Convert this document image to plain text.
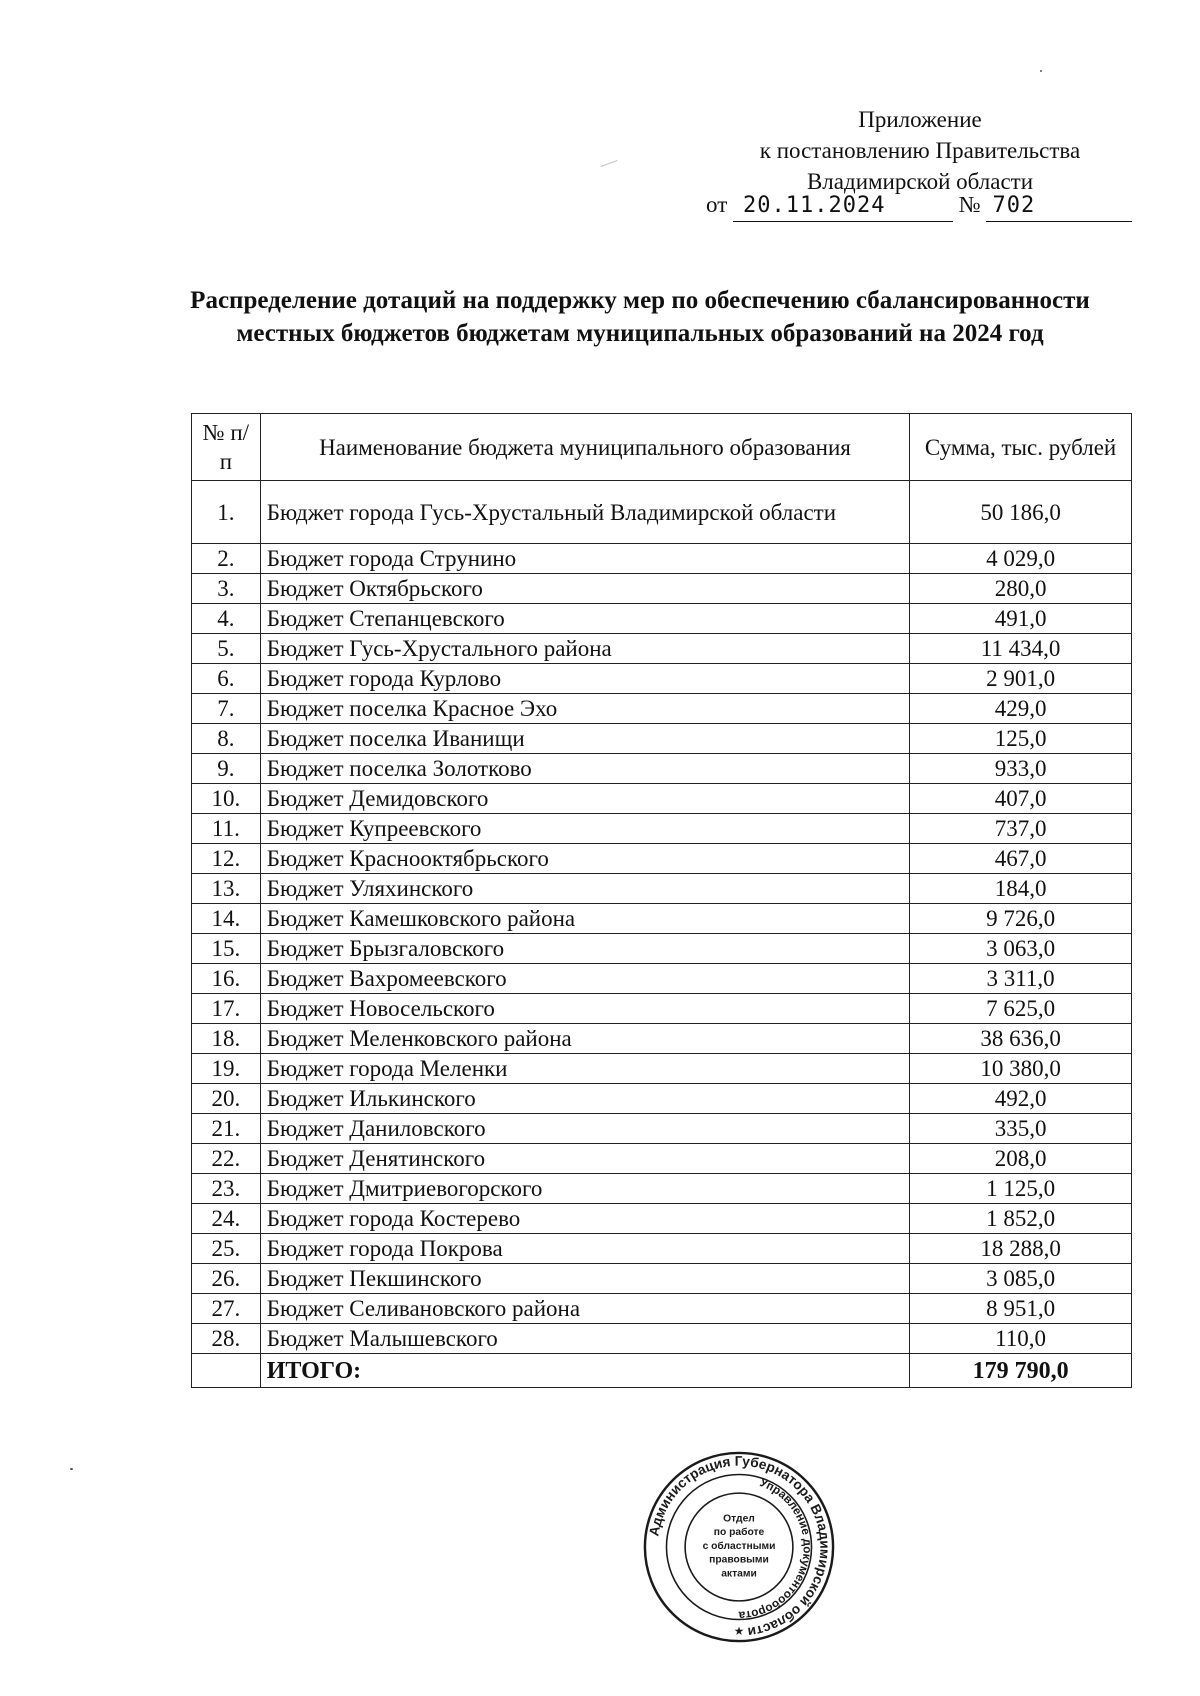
Приложение
к постановлению Правительства
Владимирской области
от 20.11.2024	№ 702
Распределение дотаций на поддержку мер по обеспечению сбалансированности местных бюджетов бюджетам муниципальных образований на 2024 год
№ п/п	Наименование бюджета муниципального образования	Сумма, тыс. рублей
1.	Бюджет города Гусь-Хрустальный Владимирской области	50 186,0
2.	Бюджет города Струнино	4 029,0
3.	Бюджет Октябрьского	280,0
4.	Бюджет Степанцевского	491,0
5.	Бюджет Гусь-Хрустального района	11 434,0
6.	Бюджет города Курлово	2 901,0
7.	Бюджет поселка Красное Эхо	429,0
8.	Бюджет поселка Иванищи	125,0
9.	Бюджет поселка Золотково	933,0
10.	Бюджет Демидовского	407,0
11.	Бюджет Купреевского	737,0
12.	Бюджет Краснооктябрьского	467,0
13.	Бюджет Уляхинского	184,0
14.	Бюджет Камешковского района	9 726,0
15.	Бюджет Брызгаловского	3 063,0
16.	Бюджет Вахромеевского	3 311,0
17.	Бюджет Новосельского	7 625,0
18.	Бюджет Меленковского района	38 636,0
19.	Бюджет города Меленки	10 380,0
20.	Бюджет Илькинского	492,0
21.	Бюджет Даниловского	335,0
22.	Бюджет Денятинского	208,0
23.	Бюджет Дмитриевогорского	1 125,0
24.	Бюджет города Костерево	1 852,0
25.	Бюджет города Покрова	18 288,0
26.	Бюджет Пекшинского	3 085,0
27.	Бюджет Селивановского района	8 951,0
28.	Бюджет Малышевского	110,0
	ИТОГО:	179 790,0
Администрация Губернатора Владимирской области
Управление документооборота
Отдел
по работе
с областными
правовыми
актами
★
